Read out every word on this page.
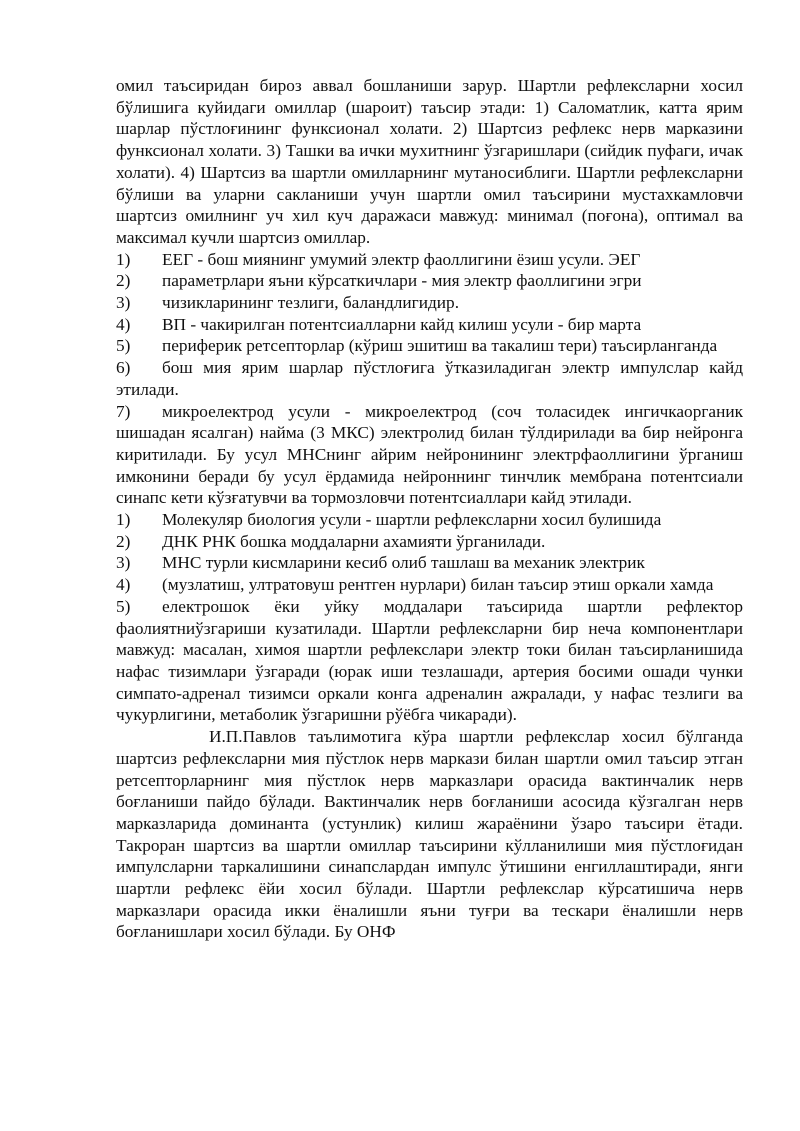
омил таъсиридан бироз аввал бошланиши зарур. Шартли рефлексларни хосил бўлишига куйидаги омиллар (шароит) таъсир этади: 1) Саломатлик, катта ярим шарлар пўстлоғининг функсионал холати. 2) Шартсиз рефлекс нерв марказини функсионал холати. 3) Ташки ва ички мухитнинг ўзгаришлари (сийдик пуфаги, ичак холати). 4) Шартсиз ва шартли омилларнинг мутаносиблиги. Шартли рефлексларни бўлиши ва уларни сакланиши учун шартли омил таъсирини мустахкамловчи шартсиз омилнинг уч хил куч даражаси мавжуд: минимал (поғона), оптимал ва максимал кучли шартсиз омиллар.

1)	ЕЕГ - бош миянинг умумий электр фаоллигини ёзиш усули. ЭЕГ
2)	параметрлари яъни кўрсаткичлари - мия электр фаоллигини эгри
3)	чизикларининг тезлиги, баландлигидир.
4)	ВП - чакирилган потентсиалларни кайд килиш усули - бир марта

5) периферик ретсепторлар (кўриш эшитиш ва такалиш тери) таъсирланганда

6) бош мия ярим шарлар пўстлоғига ўтказиладиган электр импулслар кайд этилади.

7) микроелектрод усули - микроелектрод (соч толасидек ингичкаорганик шишадан ясалган) найма (3 МКС) электролид билан тўлдирилади ва бир нейронга киритилади. Бу усул МНСнинг айрим нейронининг электрфаоллигини ўрганиш имконини беради бу усул ёрдамида нейроннинг тинчлик мембрана потентсиали синапс кети кўзғатувчи ва тормозловчи потентсиаллари кайд этилади.

1)	Молекуляр биология усули - шартли рефлексларни хосил булишида
2)	ДНК РНК бошка моддаларни ахамияти ўрганилади.
3)	МНС турли кисмларини кесиб олиб ташлаш ва механик электрик

4) (музлатиш, ултратовуш рентген нурлари) билан таъсир этиш оркали хамда

5) електрошок ёки уйку моддалари таъсирида шартли рефлектор фаолиятниўзгариши кузатилади. Шартли рефлексларни бир неча компонентлари мавжуд: масалан, химоя шартли рефлекслари электр токи билан таъсирланишида нафас тизимлари ўзгаради (юрак иши тезлашади, артерия босими ошади чунки симпато-адренал тизимси оркали конга адреналин ажралади, у нафас тезлиги ва чукурлигини, метаболик ўзгаришни рўёбга чикаради).

И.П.Павлов таълимотига кўра шартли рефлекслар хосил бўлганда шартсиз рефлексларни мия пўстлок нерв маркази билан шартли омил таъсир этган ретсепторларнинг мия пўстлок нерв марказлари орасида вактинчалик нерв боғланиши пайдо бўлади. Вактинчалик нерв боғланиши асосида кўзгалган нерв марказларида доминанта (устунлик) килиш жараёнини ўзаро таъсири ётади. Такроран шартсиз ва шартли омиллар таъсирини кўлланилиши мия пўстлоғидан импулсларни таркалишини синапслардан импулс ўтишини енгиллаштиради, янги шартли рефлекс ёйи хосил бўлади. Шартли рефлекслар кўрсатишича нерв марказлари орасида икки ёналишли яъни туғри ва тескари ёналишли нерв боғланишлари хосил бўлади. Бу ОНФ
